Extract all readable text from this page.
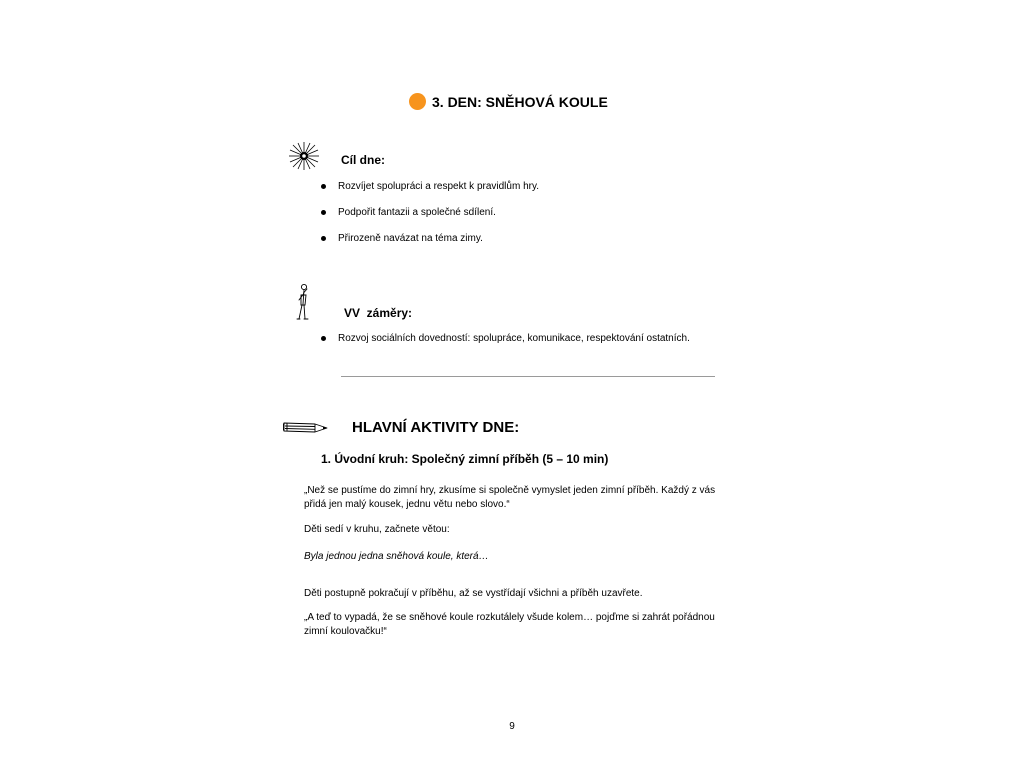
3. DEN: SNĚHOVÁ KOULE
Cíl dne:
Rozvíjet spolupráci a respekt k pravidlům hry.
Podpořit fantazii a společné sdílení.
Přirozeně navázat na téma zimy.
VV  záměry:
Rozvoj sociálních dovedností: spolupráce, komunikace, respektování ostatních.
HLAVNÍ AKTIVITY DNE:
1. Úvodní kruh: Společný zimní příběh (5 – 10 min)

„Než se pustíme do zimní hry, zkusíme si společně vymyslet jeden zimní příběh. Každý z vás přidá jen malý kousek, jednu větu nebo slovo.“

Děti sedí v kruhu, začnete větou:

Byla jednou jedna sněhová koule, která…

Děti postupně pokračují v příběhu, až se vystřídají všichni a příběh uzavřete.

„A teď to vypadá, že se sněhové koule rozkutálely všude kolem… pojďme si zahrát pořádnou zimní koulovačku!“

9
